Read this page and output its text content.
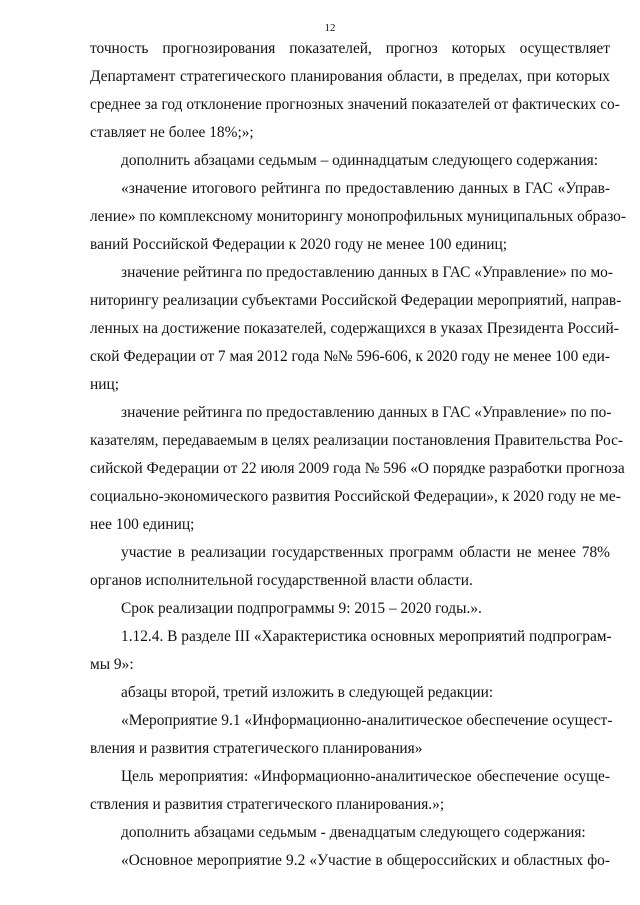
12
точность прогнозирования показателей, прогноз которых осуществляет
Департамент стратегического планирования области, в пределах, при которых
среднее за год отклонение прогнозных значений показателей от фактических со-
ставляет не более 18%;»;
дополнить абзацами седьмым – одиннадцатым следующего содержания:
«значение итогового рейтинга по предоставлению данных в ГАС «Управ-
ление» по комплексному мониторингу монопрофильных муниципальных образо-
ваний Российской Федерации к 2020 году не менее 100 единиц;
значение рейтинга по предоставлению данных в ГАС «Управление» по мо-
ниторингу реализации субъектами Российской Федерации мероприятий, направ-
ленных на достижение показателей, содержащихся в указах Президента Россий-
ской Федерации от 7 мая 2012 года №№ 596-606, к 2020 году не менее 100 еди-
ниц;
значение рейтинга по предоставлению данных в ГАС «Управление» по по-
казателям, передаваемым в целях реализации постановления Правительства Рос-
сийской Федерации от 22 июля 2009 года № 596 «О порядке разработки прогноза
социально-экономического развития Российской Федерации», к 2020 году не ме-
нее 100 единиц;
участие в реализации государственных программ области не менее 78%
органов исполнительной государственной власти области.
Срок реализации подпрограммы 9: 2015 – 2020 годы.».
1.12.4. В разделе III «Характеристика основных мероприятий подпрограм-
мы 9»:
абзацы второй, третий изложить в следующей редакции:
«Мероприятие 9.1 «Информационно-аналитическое обеспечение осущест-
вления и развития стратегического планирования»
Цель мероприятия: «Информационно-аналитическое обеспечение осуще-
ствления и развития стратегического планирования.»;
дополнить абзацами седьмым - двенадцатым следующего содержания:
«Основное мероприятие 9.2 «Участие в общероссийских и областных фо-
